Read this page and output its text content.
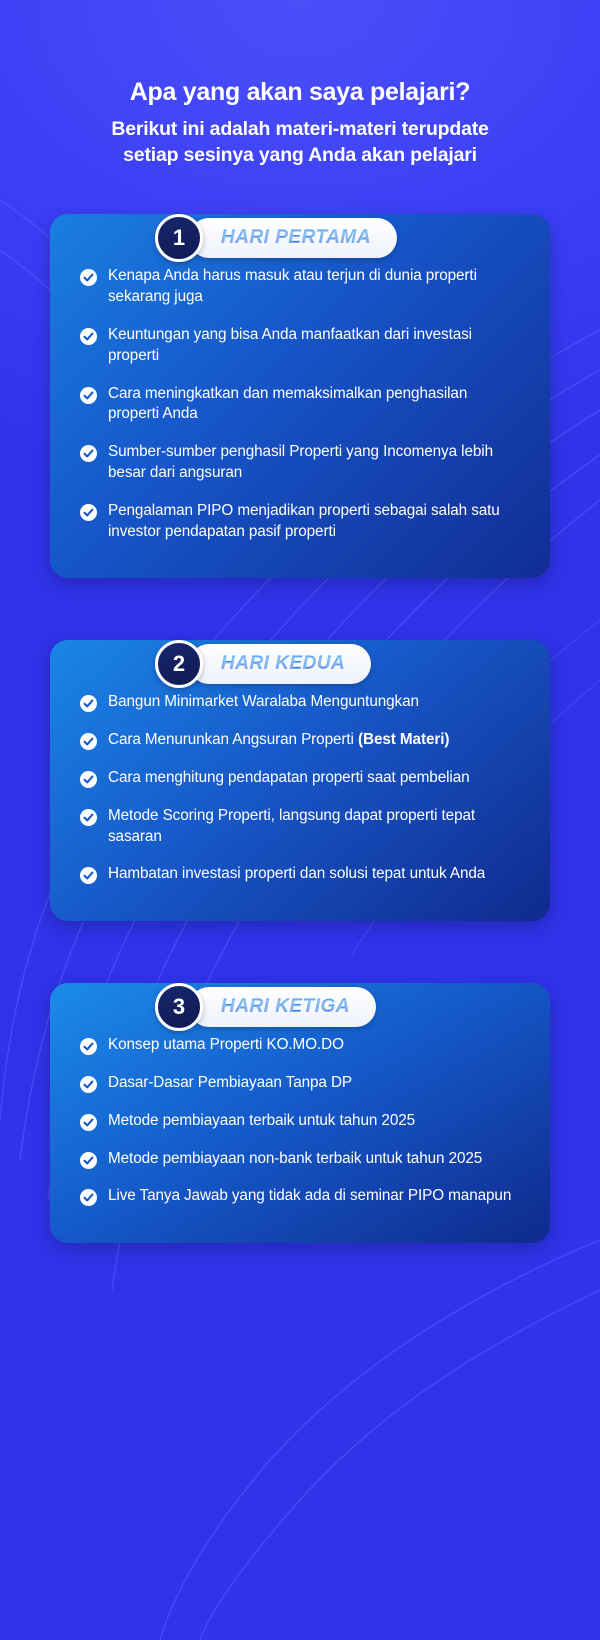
Apa yang akan saya pelajari?
Berikut ini adalah materi-materi terupdate
setiap sesinya yang Anda akan pelajari
1	HARI PERTAMA
Kenapa Anda harus masuk atau terjun di dunia properti sekarang juga
Keuntungan yang bisa Anda manfaatkan dari investasi properti
Cara meningkatkan dan memaksimalkan penghasilan properti Anda
Sumber-sumber penghasil Properti yang Incomenya lebih besar dari angsuran
Pengalaman PIPO menjadikan properti sebagai salah satu investor pendapatan pasif properti
2	HARI KEDUA
Bangun Minimarket Waralaba Menguntungkan
Cara Menurunkan Angsuran Properti (Best Materi)
Cara menghitung pendapatan properti saat pembelian
Metode Scoring Properti, langsung dapat properti tepat sasaran
Hambatan investasi properti dan solusi tepat untuk Anda
3	HARI KETIGA
Konsep utama Properti KO.MO.DO
Dasar-Dasar Pembiayaan Tanpa DP
Metode pembiayaan terbaik untuk tahun 2025
Metode pembiayaan non-bank terbaik untuk tahun 2025
Live Tanya Jawab yang tidak ada di seminar PIPO manapun
